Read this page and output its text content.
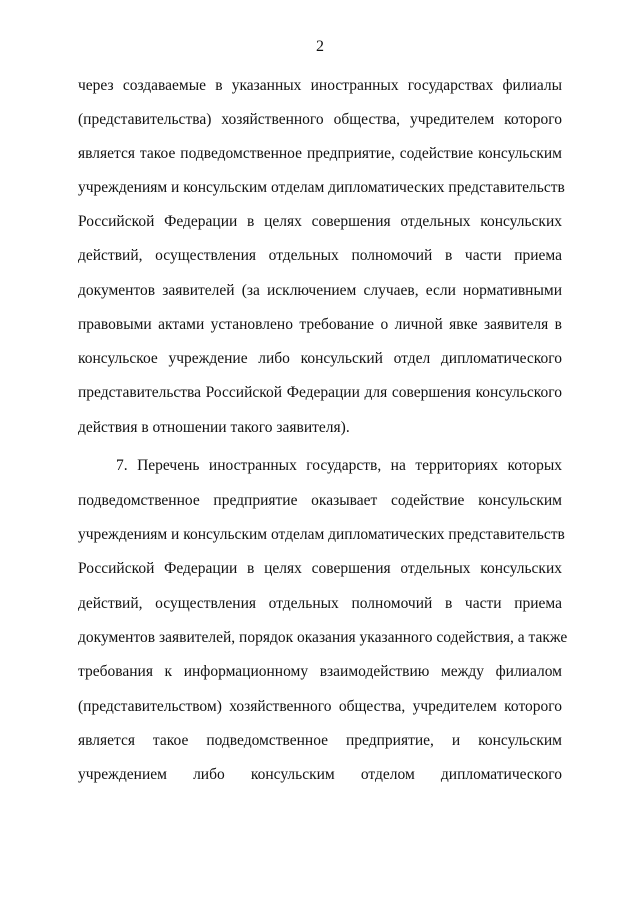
2
через создаваемые в указанных иностранных государствах филиалы
(представительства) хозяйственного общества, учредителем которого
является такое подведомственное предприятие, содействие консульским
учреждениям и консульским отделам дипломатических представительств
Российской Федерации в целях совершения отдельных консульских
действий, осуществления отдельных полномочий в части приема
документов заявителей (за исключением случаев, если нормативными
правовыми актами установлено требование о личной явке заявителя в
консульское учреждение либо консульский отдел дипломатического
представительства Российской Федерации для совершения консульского
действия в отношении такого заявителя).
7. Перечень иностранных государств, на территориях которых
подведомственное предприятие оказывает содействие консульским
учреждениям и консульским отделам дипломатических представительств
Российской Федерации в целях совершения отдельных консульских
действий, осуществления отдельных полномочий в части приема
документов заявителей, порядок оказания указанного содействия, а также
требования к информационному взаимодействию между филиалом
(представительством) хозяйственного общества, учредителем которого
является такое подведомственное предприятие, и консульским
учреждением либо консульским отделом дипломатического
